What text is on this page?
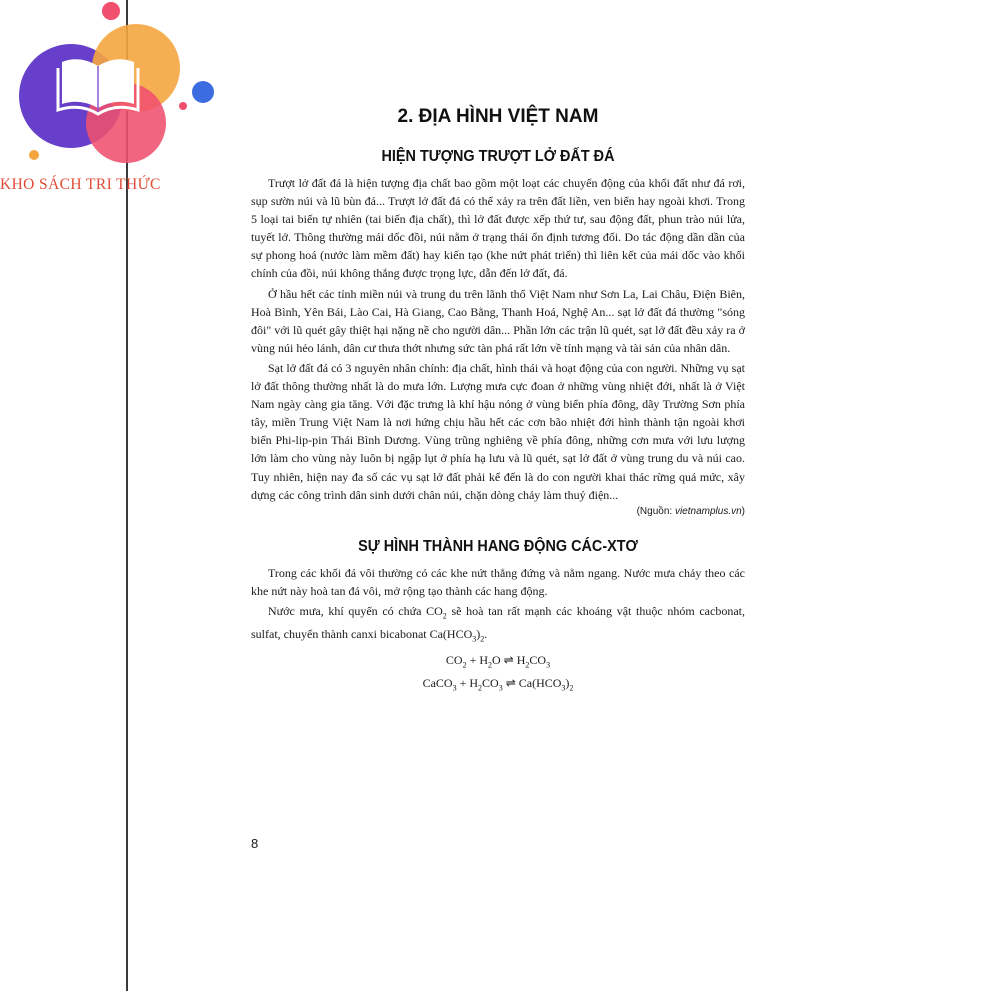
KHO SÁCH TRI THỨC
2. ĐỊA HÌNH VIỆT NAM
HIỆN TƯỢNG TRƯỢT LỞ ĐẤT ĐÁ

Trượt lở đất đá là hiện tượng địa chất bao gồm một loạt các chuyển động của khối đất như đá rơi, sụp sườn núi và lũ bùn đá... Trượt lở đất đá có thể xảy ra trên đất liền, ven biển hay ngoài khơi. Trong 5 loại tai biến tự nhiên (tai biến địa chất), thì lở đất được xếp thứ tư, sau động đất, phun trào núi lửa, tuyết lở. Thông thường mái dốc đồi, núi nằm ở trạng thái ổn định tương đối. Do tác động dần dần của sự phong hoá (nước làm mềm đất) hay kiến tạo (khe nứt phát triển) thì liên kết của mái dốc vào khối chính của đồi, núi không thắng được trọng lực, dẫn đến lở đất, đá.

Ở hầu hết các tỉnh miền núi và trung du trên lãnh thổ Việt Nam như Sơn La, Lai Châu, Điện Biên, Hoà Bình, Yên Bái, Lào Cai, Hà Giang, Cao Bằng, Thanh Hoá, Nghệ An... sạt lở đất đá thường "sóng đôi" với lũ quét gây thiệt hại nặng nề cho người dân... Phần lớn các trận lũ quét, sạt lở đất đều xảy ra ở vùng núi hẻo lánh, dân cư thưa thớt nhưng sức tàn phá rất lớn về tính mạng và tài sản của nhân dân.

Sạt lở đất đá có 3 nguyên nhân chính: địa chất, hình thái và hoạt động của con người. Những vụ sạt lở đất thông thường nhất là do mưa lớn. Lượng mưa cực đoan ở những vùng nhiệt đới, nhất là ở Việt Nam ngày càng gia tăng. Với đặc trưng là khí hậu nóng ở vùng biển phía đông, dãy Trường Sơn phía tây, miền Trung Việt Nam là nơi hứng chịu hầu hết các cơn bão nhiệt đới hình thành tận ngoài khơi biển Phi-lip-pin Thái Bình Dương. Vùng trũng nghiêng về phía đông, những cơn mưa với lưu lượng lớn làm cho vùng này luôn bị ngập lụt ở phía hạ lưu và lũ quét, sạt lở đất ở vùng trung du và núi cao. Tuy nhiên, hiện nay đa số các vụ sạt lở đất phải kể đến là do con người khai thác rừng quá mức, xây dựng các công trình dân sinh dưới chân núi, chặn dòng chảy làm thuỷ điện...

(Nguồn: vietnamplus.vn)
SỰ HÌNH THÀNH HANG ĐỘNG CÁC-XTƠ

Trong các khối đá vôi thường có các khe nứt thẳng đứng và nằm ngang. Nước mưa chảy theo các khe nứt này hoà tan đá vôi, mở rộng tạo thành các hang động.

Nước mưa, khí quyển có chứa $CO_2$ sẽ hoà tan rất mạnh các khoáng vật thuộc nhóm cacbonat, sulfat, chuyển thành canxi bicabonat $Ca(HCO_3)_2$.

$CO_2 + H_2O$ ⇌ $H_2CO_3$
CaCO$_3$ + $H_2CO_3$ ⇌ $Ca(HCO_3)_2$
8
